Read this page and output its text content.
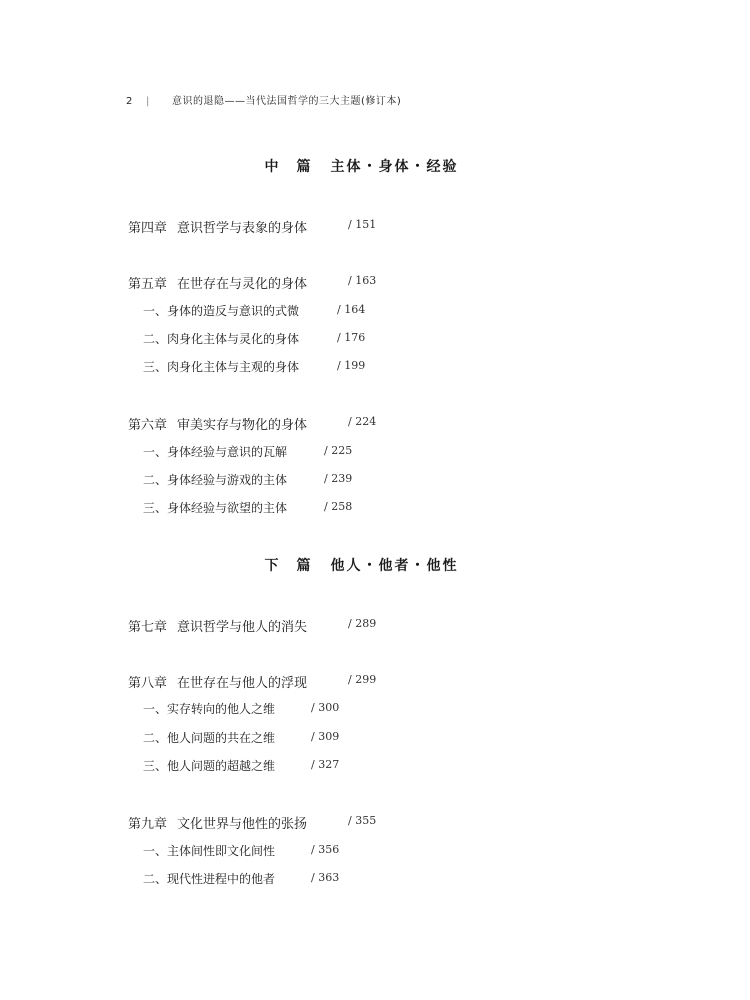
2 | 意识的退隐——当代法国哲学的三大主题(修订本)
中　篇 主体・身体・经验
第四章 意识哲学与表象的身体	/ 151
第五章 在世存在与灵化的身体	/ 163
一、身体的造反与意识的式微	/ 164
二、肉身化主体与灵化的身体	/ 176
三、肉身化主体与主观的身体	/ 199
第六章 审美实存与物化的身体	/ 224
一、身体经验与意识的瓦解	/ 225
二、身体经验与游戏的主体	/ 239
三、身体经验与欲望的主体	/ 258
下　篇 他人・他者・他性
第七章 意识哲学与他人的消失	/ 289
第八章 在世存在与他人的浮现	/ 299
一、实存转向的他人之维	/ 300
二、他人问题的共在之维	/ 309
三、他人问题的超越之维	/ 327
第九章 文化世界与他性的张扬	/ 355
一、主体间性即文化间性	/ 356
二、现代性进程中的他者	/ 363
